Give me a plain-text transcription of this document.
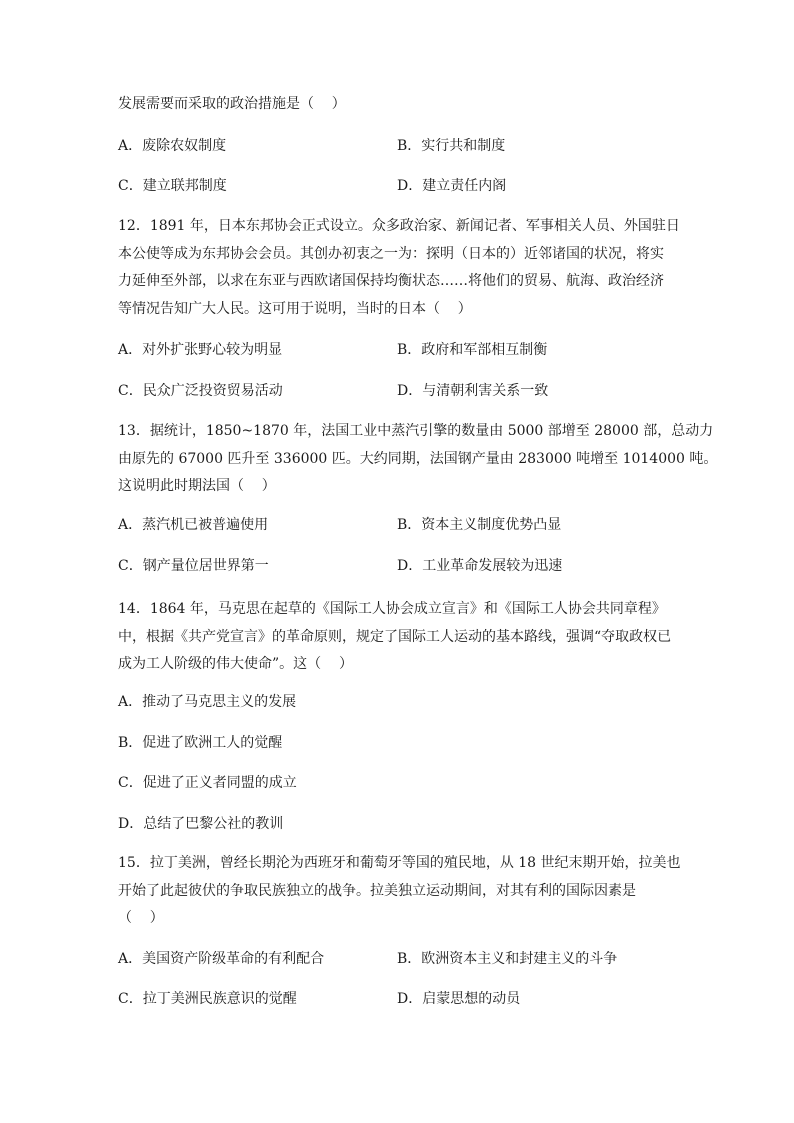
发展需要而采取的政治措施是（    ）
A．废除农奴制度	B．实行共和制度
C．建立联邦制度	D．建立责任内阁
12．1891 年，日本东邦协会正式设立。众多政治家、新闻记者、军事相关人员、外国驻日
本公使等成为东邦协会会员。其创办初衷之一为：探明（日本的）近邻诸国的状况，将实
力延伸至外部，以求在东亚与西欧诸国保持均衡状态……将他们的贸易、航海、政治经济
等情况告知广大人民。这可用于说明，当时的日本（    ）
A．对外扩张野心较为明显	B．政府和军部相互制衡
C．民众广泛投资贸易活动	D．与清朝利害关系一致
13．据统计，1850~1870 年，法国工业中蒸汽引擎的数量由 5000 部增至 28000 部，总动力
由原先的 67000 匹升至 336000 匹。大约同期，法国钢产量由 283000 吨增至 1014000 吨。
这说明此时期法国（    ）
A．蒸汽机已被普遍使用	B．资本主义制度优势凸显
C．钢产量位居世界第一	D．工业革命发展较为迅速
14．1864 年，马克思在起草的《国际工人协会成立宣言》和《国际工人协会共同章程》
中，根据《共产党宣言》的革命原则，规定了国际工人运动的基本路线，强调“夺取政权已
成为工人阶级的伟大使命”。这（    ）
A．推动了马克思主义的发展
B．促进了欧洲工人的觉醒
C．促进了正义者同盟的成立
D．总结了巴黎公社的教训
15．拉丁美洲，曾经长期沦为西班牙和葡萄牙等国的殖民地，从 18 世纪末期开始，拉美也
开始了此起彼伏的争取民族独立的战争。拉美独立运动期间，对其有利的国际因素是
（    ）
A．美国资产阶级革命的有利配合	B．欧洲资本主义和封建主义的斗争
C．拉丁美洲民族意识的觉醒	D．启蒙思想的动员
